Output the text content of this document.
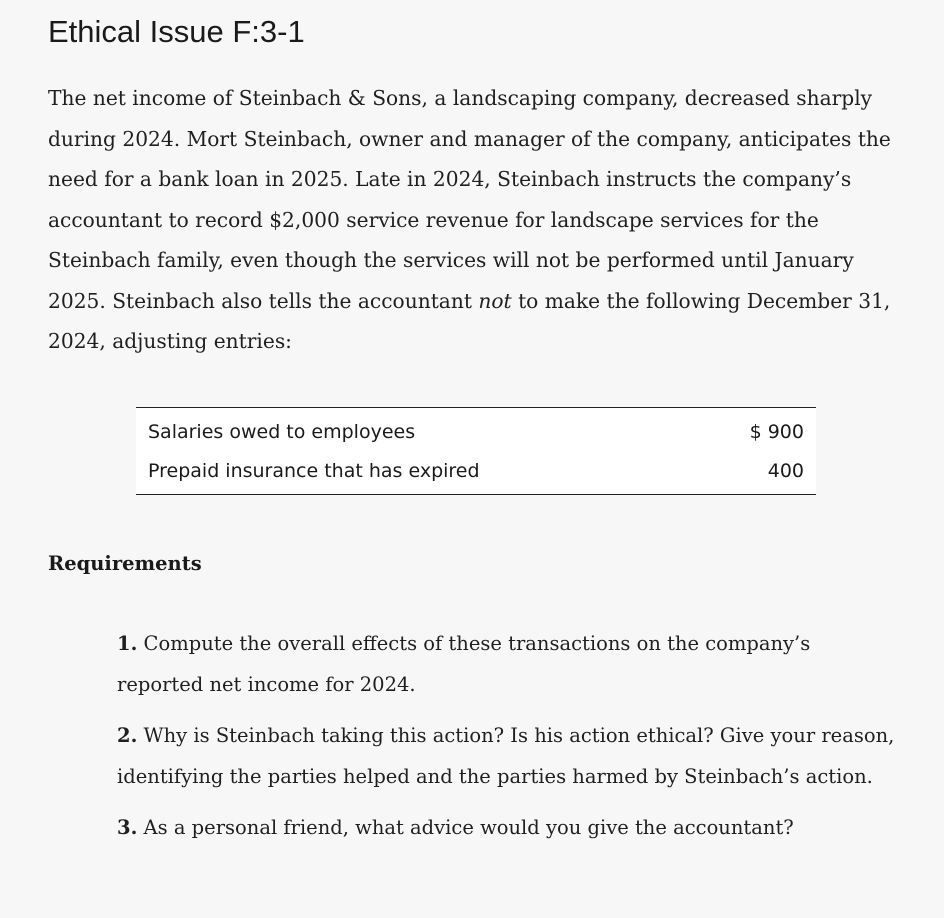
Ethical Issue F:3-1

The net income of Steinbach & Sons, a landscaping company, decreased sharply during 2024. Mort Steinbach, owner and manager of the company, anticipates the need for a bank loan in 2025. Late in 2024, Steinbach instructs the company’s accountant to record $2,000 service revenue for landscape services for the Steinbach family, even though the services will not be performed until January 2025. Steinbach also tells the accountant not to make the following December 31, 2024, adjusting entries:

Salaries owed to employees	$ 900
Prepaid insurance that has expired	400
Requirements
1. Compute the overall effects of these transactions on the company’s reported net income for 2024.
2. Why is Steinbach taking this action? Is his action ethical? Give your reason, identifying the parties helped and the parties harmed by Steinbach’s action.
3. As a personal friend, what advice would you give the accountant?
